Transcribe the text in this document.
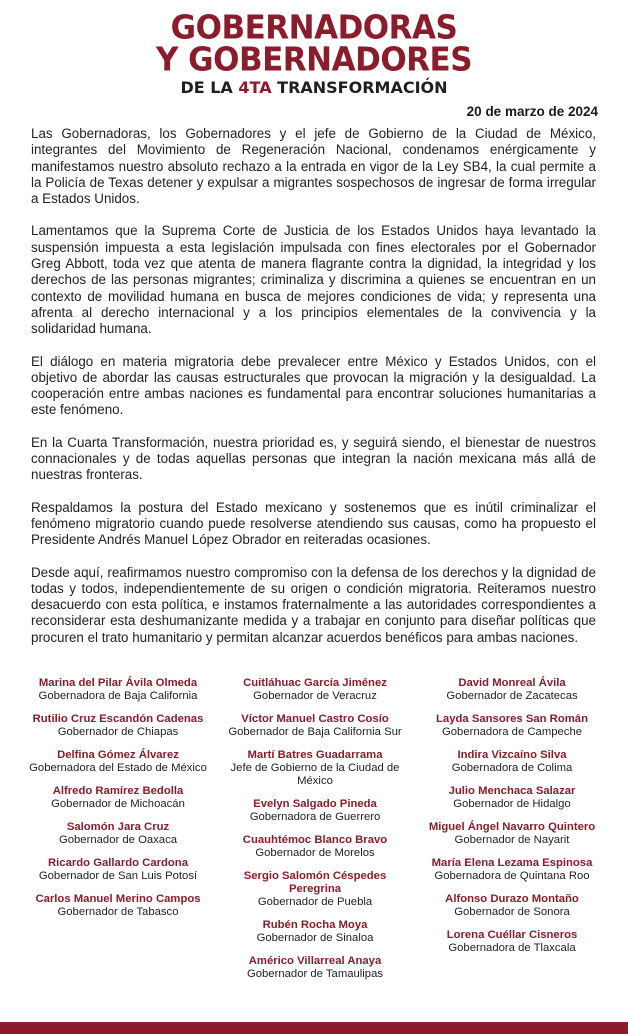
GOBERNADORAS
Y GOBERNADORES
DE LA 4TA TRANSFORMACIÓN
20 de marzo de 2024

Las Gobernadoras, los Gobernadores y el jefe de Gobierno de la Ciudad de México, integrantes del Movimiento de Regeneración Nacional, condenamos enérgicamente y manifestamos nuestro absoluto rechazo a la entrada en vigor de la Ley SB4, la cual permite a la Policía de Texas detener y expulsar a migrantes sospechosos de ingresar de forma irregular a Estados Unidos.

Lamentamos que la Suprema Corte de Justicia de los Estados Unidos haya levantado la suspensión impuesta a esta legislación impulsada con fines electorales por el Gobernador Greg Abbott, toda vez que atenta de manera flagrante contra la dignidad, la integridad y los derechos de las personas migrantes; criminaliza y discrimina a quienes se encuentran en un contexto de movilidad humana en busca de mejores condiciones de vida; y representa una afrenta al derecho internacional y a los principios elementales de la convivencia y la solidaridad humana.

El diálogo en materia migratoria debe prevalecer entre México y Estados Unidos, con el objetivo de abordar las causas estructurales que provocan la migración y la desigualdad. La cooperación entre ambas naciones es fundamental para encontrar soluciones humanitarias a este fenómeno.

En la Cuarta Transformación, nuestra prioridad es, y seguirá siendo, el bienestar de nuestros connacionales y de todas aquellas personas que integran la nación mexicana más allá de nuestras fronteras.

Respaldamos la postura del Estado mexicano y sostenemos que es inútil criminalizar el fenómeno migratorio cuando puede resolverse atendiendo sus causas, como ha propuesto el Presidente Andrés Manuel López Obrador en reiteradas ocasiones.

Desde aquí, reafirmamos nuestro compromiso con la defensa de los derechos y la dignidad de todas y todos, independientemente de su origen o condición migratoria. Reiteramos nuestro desacuerdo con esta política, e instamos fraternalmente a las autoridades correspondientes a reconsiderar esta deshumanizante medida y a trabajar en conjunto para diseñar políticas que procuren el trato humanitario y permitan alcanzar acuerdos benéficos para ambas naciones.

Marina del Pilar Ávila Olmeda
Gobernadora de Baja California
Rutilio Cruz Escandón Cadenas
Gobernador de Chiapas
Delfina Gómez Álvarez
Gobernadora del Estado de México
Alfredo Ramírez Bedolla
Gobernador de Michoacán
Salomón Jara Cruz
Gobernador de Oaxaca
Ricardo Gallardo Cardona
Gobernador de San Luis Potosí
Carlos Manuel Merino Campos
Gobernador de Tabasco
Cuitláhuac García Jiménez
Gobernador de Veracruz
Víctor Manuel Castro Cosío
Gobernador de Baja California Sur
Martí Batres Guadarrama
Jefe de Gobierno de la Ciudad de México
Evelyn Salgado Pineda
Gobernadora de Guerrero
Cuauhtémoc Blanco Bravo
Gobernador de Morelos
Sergio Salomón Céspedes Peregrina
Gobernador de Puebla
Rubén Rocha Moya
Gobernador de Sinaloa
Américo Villarreal Anaya
Gobernador de Tamaulipas
David Monreal Ávila
Gobernador de Zacatecas
Layda Sansores San Román
Gobernadora de Campeche
Indira Vizcaíno Silva
Gobernadora de Colima
Julio Menchaca Salazar
Gobernador de Hidalgo
Miguel Ángel Navarro Quintero
Gobernador de Nayarit
María Elena Lezama Espinosa
Gobernadora de Quintana Roo
Alfonso Durazo Montaño
Gobernador de Sonora
Lorena Cuéllar Cisneros
Gobernadora de Tlaxcala
